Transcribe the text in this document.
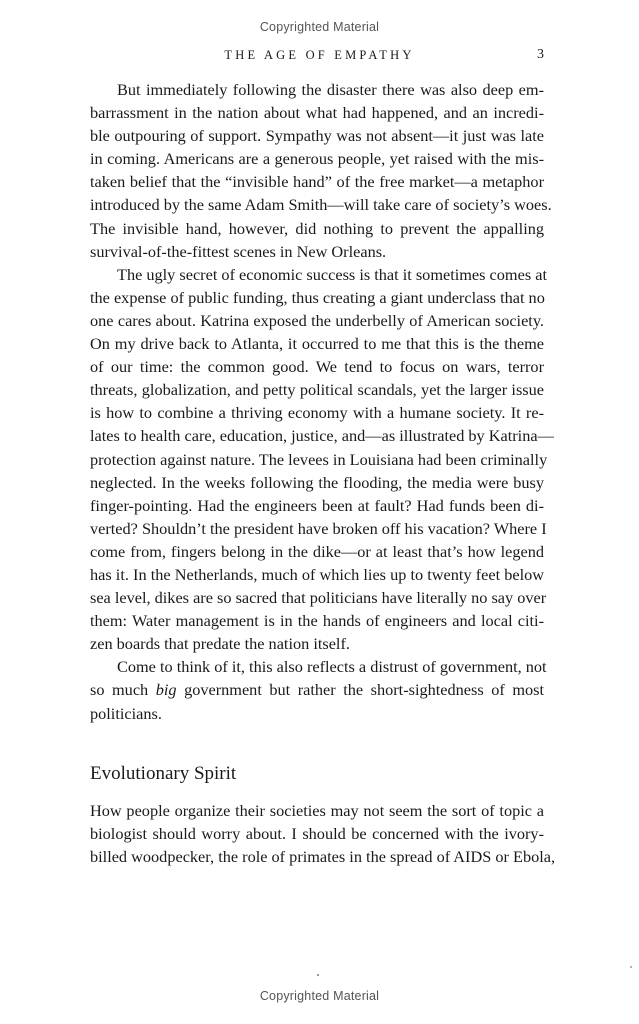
Copyrighted Material
THE AGE OF EMPATHY	3
But immediately following the disaster there was also deep em-
barrassment in the nation about what had happened, and an incredi-
ble outpouring of support. Sympathy was not absent—it just was late
in coming. Americans are a generous people, yet raised with the mis-
taken belief that the “invisible hand” of the free market—a metaphor
introduced by the same Adam Smith—will take care of society’s woes.
The invisible hand, however, did nothing to prevent the appalling
survival-of-the-fittest scenes in New Orleans.
The ugly secret of economic success is that it sometimes comes at
the expense of public funding, thus creating a giant underclass that no
one cares about. Katrina exposed the underbelly of American society.
On my drive back to Atlanta, it occurred to me that this is the theme
of our time: the common good. We tend to focus on wars, terror
threats, globalization, and petty political scandals, yet the larger issue
is how to combine a thriving economy with a humane society. It re-
lates to health care, education, justice, and—as illustrated by Katrina—
protection against nature. The levees in Louisiana had been criminally
neglected. In the weeks following the flooding, the media were busy
finger-pointing. Had the engineers been at fault? Had funds been di-
verted? Shouldn’t the president have broken off his vacation? Where I
come from, fingers belong in the dike—or at least that’s how legend
has it. In the Netherlands, much of which lies up to twenty feet below
sea level, dikes are so sacred that politicians have literally no say over
them: Water management is in the hands of engineers and local citi-
zen boards that predate the nation itself.
Come to think of it, this also reflects a distrust of government, not
so much big government but rather the short-sightedness of most
politicians.
Evolutionary Spirit
How people organize their societies may not seem the sort of topic a
biologist should worry about. I should be concerned with the ivory-
billed woodpecker, the role of primates in the spread of AIDS or Ebola,
Copyrighted Material
